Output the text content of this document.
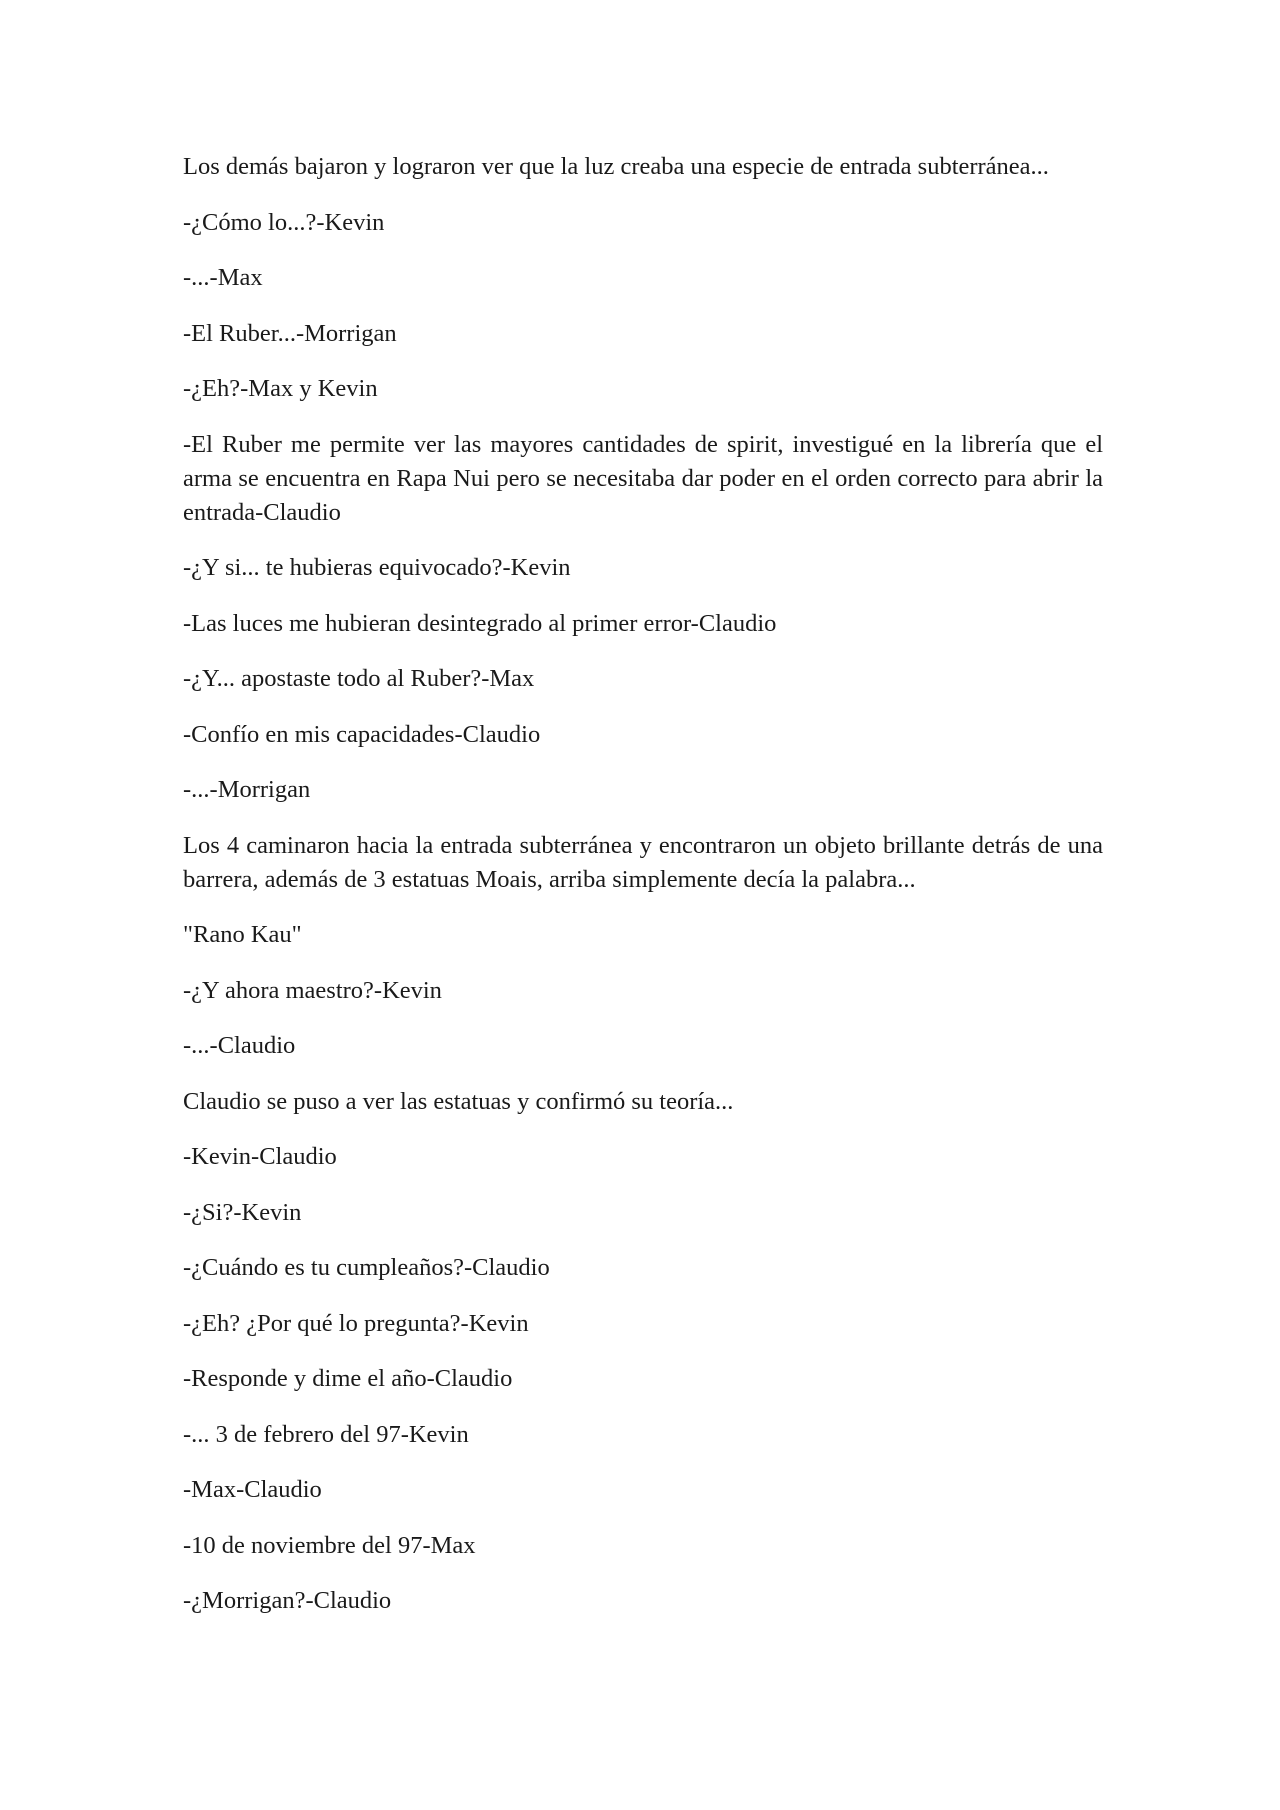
Los demás bajaron y lograron ver que la luz creaba una especie de entrada subterránea...

-¿Cómo lo...?-Kevin

-...-Max

-El Ruber...-Morrigan

-¿Eh?-Max y Kevin

-El Ruber me permite ver las mayores cantidades de spirit, investigué en la librería que el arma se encuentra en Rapa Nui pero se necesitaba dar poder en el orden correcto para abrir la entrada-Claudio

-¿Y si... te hubieras equivocado?-Kevin

-Las luces me hubieran desintegrado al primer error-Claudio

-¿Y... apostaste todo al Ruber?-Max

-Confío en mis capacidades-Claudio

-...-Morrigan

Los 4 caminaron hacia la entrada subterránea y encontraron un objeto brillante detrás de una barrera, además de 3 estatuas Moais, arriba simplemente decía la palabra...

"Rano Kau"

-¿Y ahora maestro?-Kevin

-...-Claudio

Claudio se puso a ver las estatuas y confirmó su teoría...

-Kevin-Claudio

-¿Si?-Kevin

-¿Cuándo es tu cumpleaños?-Claudio

-¿Eh? ¿Por qué lo pregunta?-Kevin

-Responde y dime el año-Claudio

-... 3 de febrero del 97-Kevin

-Max-Claudio

-10 de noviembre del 97-Max

-¿Morrigan?-Claudio
